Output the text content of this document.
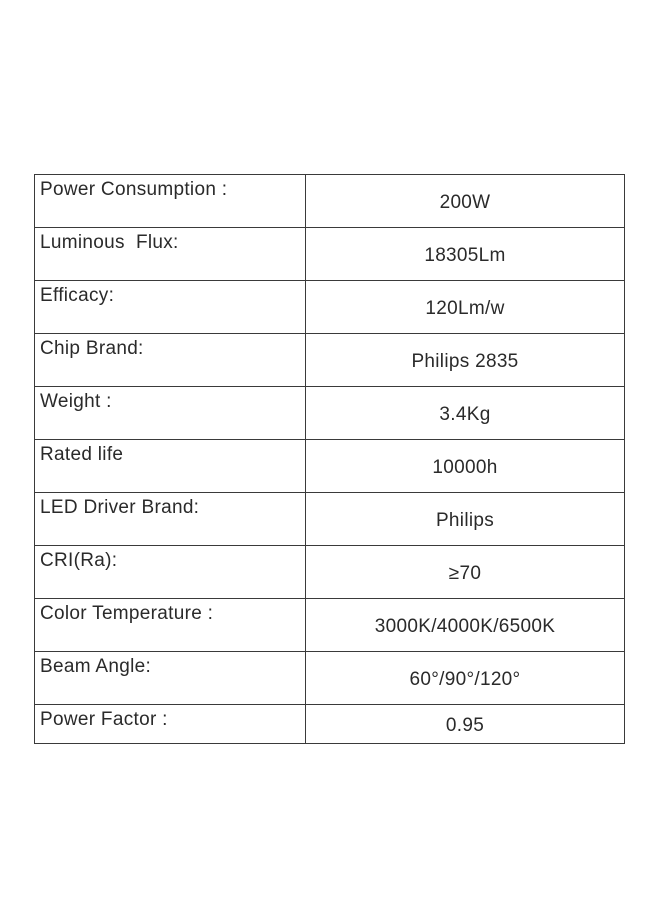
Power Consumption :	200W
Luminous  Flux:	18305Lm
Efficacy:	120Lm/w
Chip Brand:	Philips 2835
Weight :	3.4Kg
Rated life	10000h
LED Driver Brand:	Philips
CRI(Ra):	≥70
Color Temperature :	3000K/4000K/6500K
Beam Angle:	60°/90°/120°
Power Factor :	0.95
